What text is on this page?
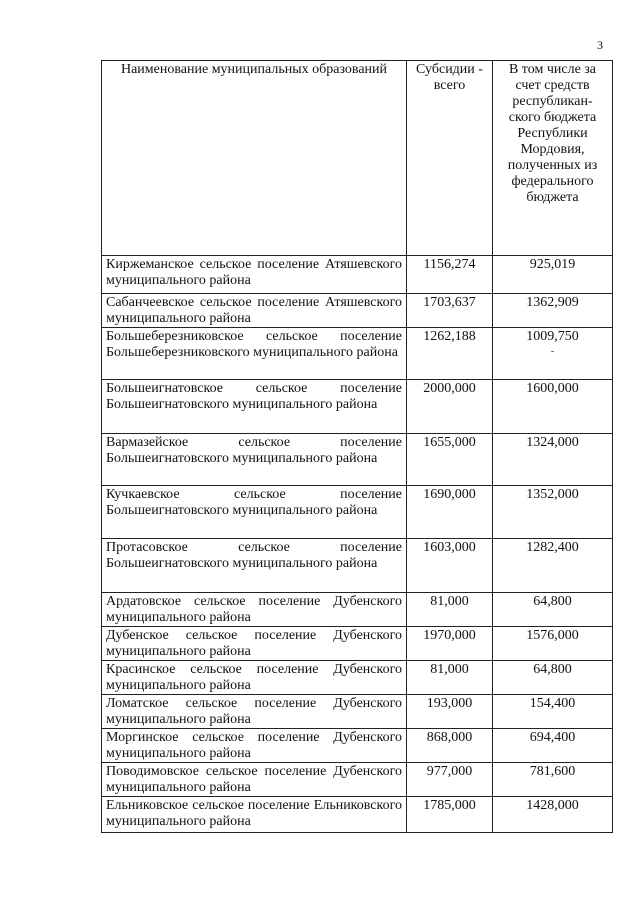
3
Наименование муниципальных образований	Субсидии - всего	В том числе за счет средств республикан-ского бюджета Республики Мордовия, полученных из федерального бюджета
Киржеманское сельское поселение Атяшевского муниципального района	1156,274	925,019
Сабанчеевское сельское поселение Атяшевского муниципального района	1703,637	1362,909
Большеберезниковское сельское поселение Большеберезниковского муниципального района	1262,188	1009,750
-

Большеигнатовское сельское поселение Большеигнатовского муниципального района	2000,000	1600,000
Вармазейское сельское поселение Большеигнатовского муниципального района	1655,000	1324,000
Кучкаевское сельское поселение Большеигнатовского муниципального района	1690,000	1352,000
Протасовское сельское поселение Большеигнатовского муниципального района	1603,000	1282,400
Ардатовское сельское поселение Дубенского муниципального района	81,000	64,800
Дубенское сельское поселение Дубенского муниципального района	1970,000	1576,000
Красинское сельское поселение Дубенского муниципального района	81,000	64,800
Ломатское сельское поселение Дубенского муниципального района	193,000	154,400
Моргинское сельское поселение Дубенского муниципального района	868,000	694,400
Поводимовское сельское поселение Дубенского муниципального района	977,000	781,600
Ельниковское сельское поселение Ельниковского муниципального района	1785,000	1428,000
